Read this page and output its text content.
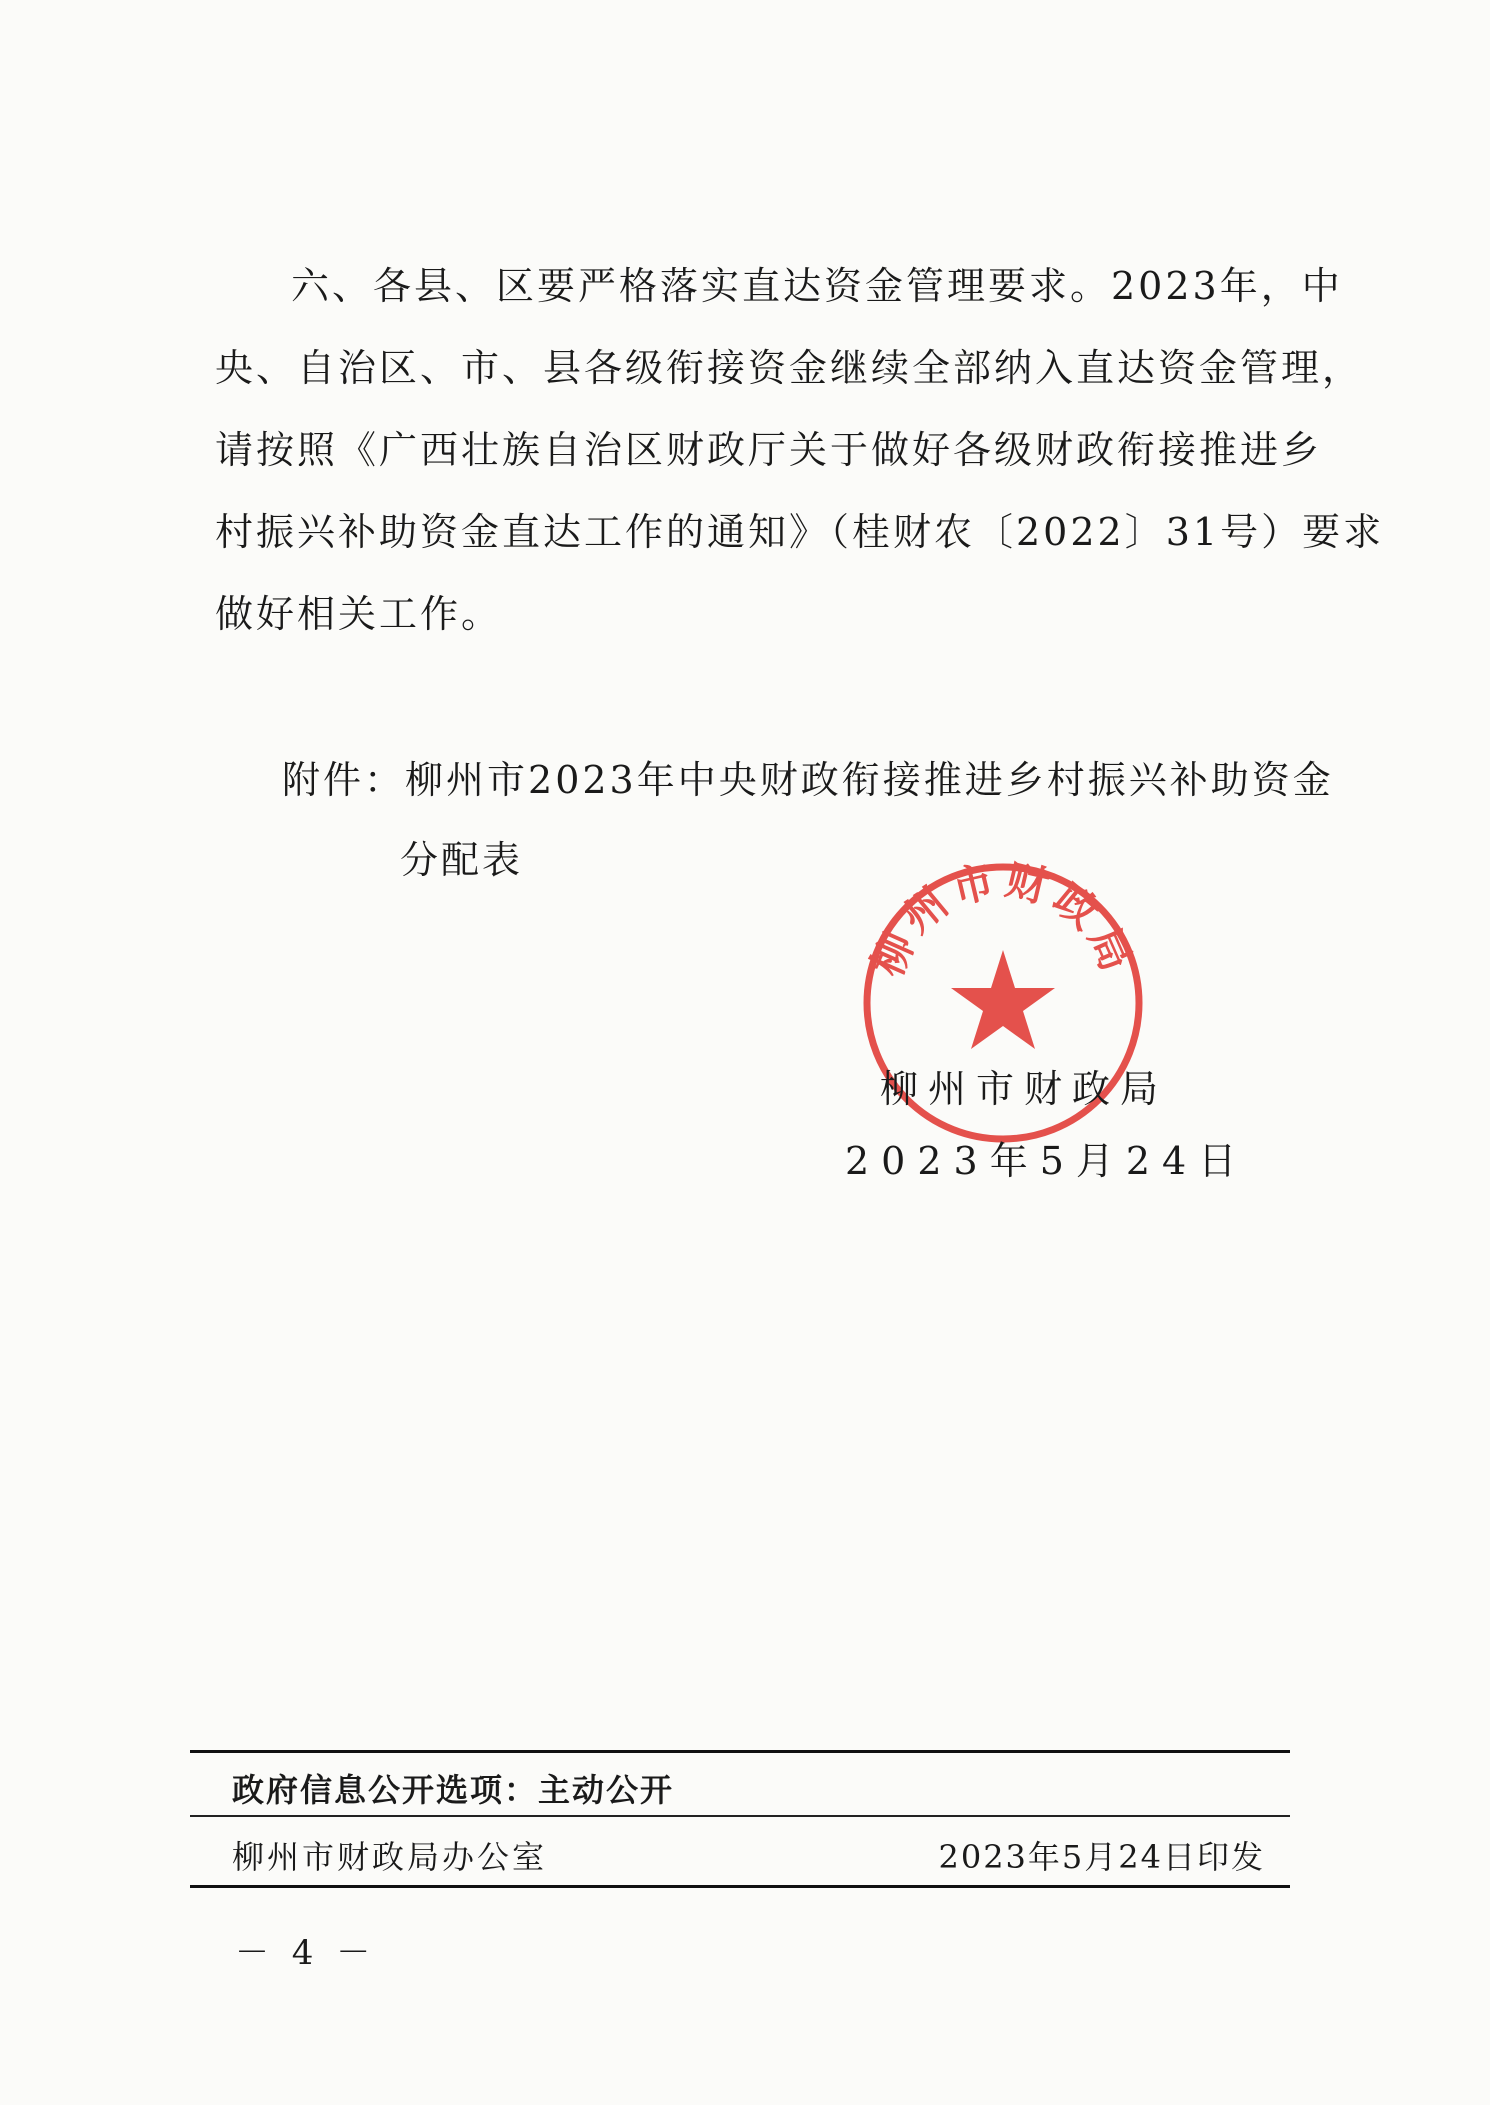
六、各县、区要严格落实直达资金管理要求。2023年，中
央、自治区、市、县各级衔接资金继续全部纳入直达资金管理，
请按照《广西壮族自治区财政厅关于做好各级财政衔接推进乡
村振兴补助资金直达工作的通知》（桂财农〔2022〕31号）要求
做好相关工作。
附件：柳州市2023年中央财政衔接推进乡村振兴补助资金
分配表
柳州市财政局
柳州市财政局
2023年5月24日
政府信息公开选项：主动公开
柳州市财政局办公室	2023年5月24日印发
－ 4 －
